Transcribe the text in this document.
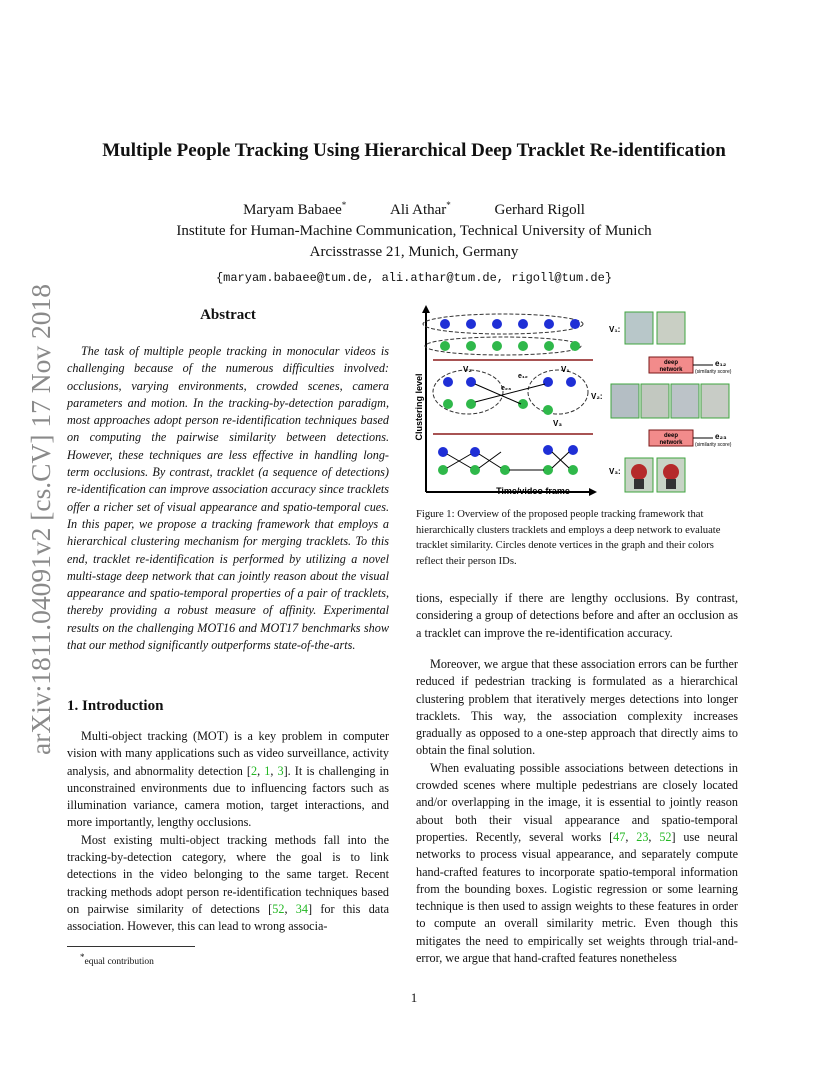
arXiv:1811.04091v2 [cs.CV] 17 Nov 2018
Multiple People Tracking Using Hierarchical Deep Tracklet Re-identification
Maryam Babaee*	Ali Athar*	Gerhard Rigoll
Institute for Human-Machine Communication, Technical University of Munich
Arcisstrasse 21, Munich, Germany
{maryam.babaee@tum.de, ali.athar@tum.de, rigoll@tum.de}
Abstract
The task of multiple people tracking in monocular videos is challenging because of the numerous difficulties involved: occlusions, varying environments, crowded scenes, camera parameters and motion. In the tracking-by-detection paradigm, most approaches adopt person re-identification techniques based on computing the pairwise similarity between detections. However, these techniques are less effective in handling long-term occlusions. By contrast, tracklet (a sequence of detections) re-identification can improve association accuracy since tracklets offer a richer set of visual appearance and spatio-temporal cues. In this paper, we propose a tracking framework that employs a hierarchical clustering mechanism for merging tracklets. To this end, tracklet re-identification is performed by utilizing a novel multi-stage deep network that can jointly reason about the visual appearance and spatio-temporal properties of a pair of tracklets, thereby providing a robust measure of affinity. Experimental results on the challenging MOT16 and MOT17 benchmarks show that our method significantly outperforms state-of-the-arts.
1. Introduction

Multi-object tracking (MOT) is a key problem in computer vision with many applications such as video surveillance, activity analysis, and abnormality detection [2, 1, 3]. It is challenging in unconstrained environments due to influencing factors such as illumination variance, camera motion, target interactions, and more importantly, lengthy occlusions.

Most existing multi-object tracking methods fall into the tracking-by-detection category, where the goal is to link detections in the video belonging to the same target. Recent tracking methods adopt person re-identification techniques based on pairwise similarity of detections [52, 34] for this data association. However, this can lead to wrong associa-

*equal contribution
Clustering level
Time/video frame
V₂	V₁
V₃
e₁₂
e₂₃
V₁:
V₂:
V₃:
deep
network
e₁₂
(similarity score)
deep
network
e₂₃
(similarity score)
Figure 1: Overview of the proposed people tracking framework that hierarchically clusters tracklets and employs a deep network to evaluate tracklet similarity. Circles denote vertices in the graph and their colors reflect their person IDs.
tions, especially if there are lengthy occlusions. By contrast, considering a group of detections before and after an occlusion as a tracklet can improve the re-identification accuracy.

Moreover, we argue that these association errors can be further reduced if pedestrian tracking is formulated as a hierarchical clustering problem that iteratively merges detections into longer tracklets. This way, the association complexity increases gradually as opposed to a one-step approach that directly aims to obtain the final solution.

When evaluating possible associations between detections in crowded scenes where multiple pedestrians are closely located and/or overlapping in the image, it is essential to jointly reason about both their visual appearance and spatio-temporal properties. Recently, several works [47, 23, 52] use neural networks to process visual appearance, and separately compute hand-crafted features to incorporate spatio-temporal information from the bounding boxes. Logistic regression or some learning technique is then used to assign weights to these features in order to compute an overall similarity metric. Even though this mitigates the need to empirically set weights through trial-and-error, we argue that hand-crafted features nonetheless

1
